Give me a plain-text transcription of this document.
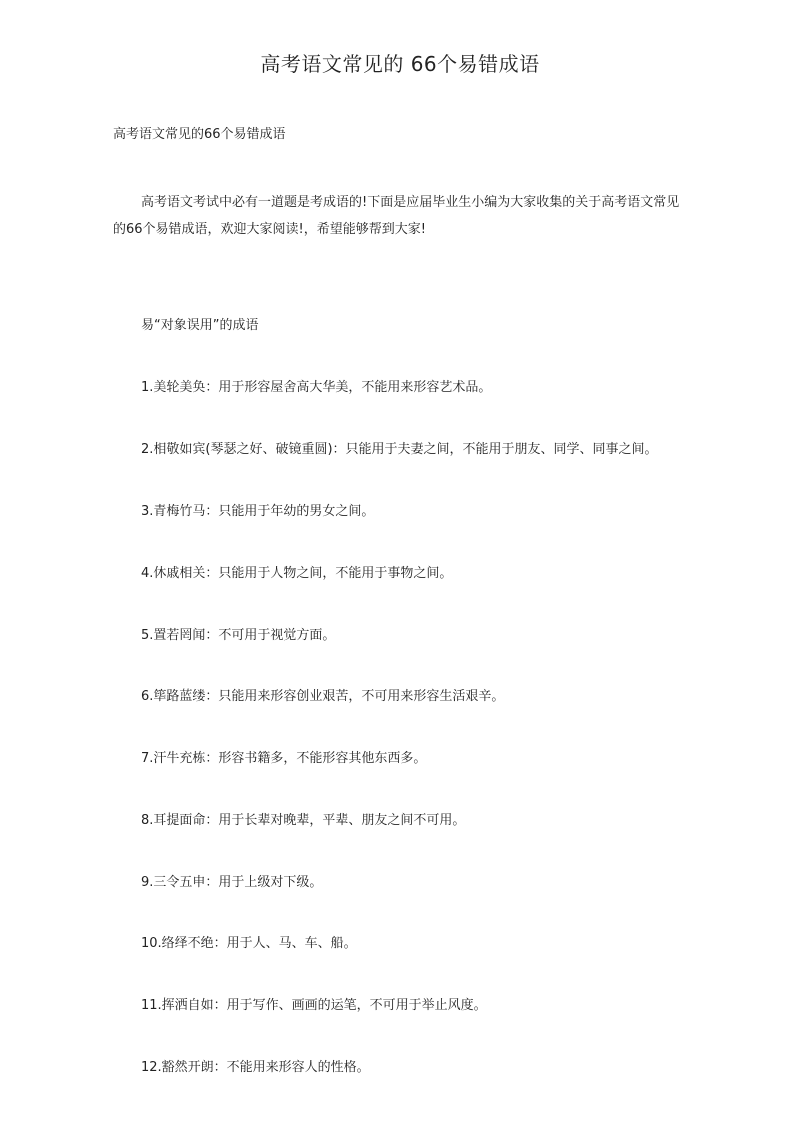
高考语文常见的 66个易错成语

高考语文常见的66个易错成语

高考语文考试中必有一道题是考成语的!下面是应届毕业生小编为大家收集的关于高考语文常见的66个易错成语，欢迎大家阅读!，希望能够帮到大家!

易“对象误用”的成语

1.美轮美奂：用于形容屋舍高大华美，不能用来形容艺术品。
2.相敬如宾(琴瑟之好、破镜重圆)：只能用于夫妻之间，不能用于朋友、同学、同事之间。
3.青梅竹马：只能用于年幼的男女之间。
4.休戚相关：只能用于人物之间，不能用于事物之间。
5.置若罔闻：不可用于视觉方面。
6.筚路蓝缕：只能用来形容创业艰苦，不可用来形容生活艰辛。
7.汗牛充栋：形容书籍多，不能形容其他东西多。
8.耳提面命：用于长辈对晚辈，平辈、朋友之间不可用。
9.三令五申：用于上级对下级。
10.络绎不绝：用于人、马、车、船。
11.挥洒自如：用于写作、画画的运笔，不可用于举止风度。
12.豁然开朗：不能用来形容人的性格。
